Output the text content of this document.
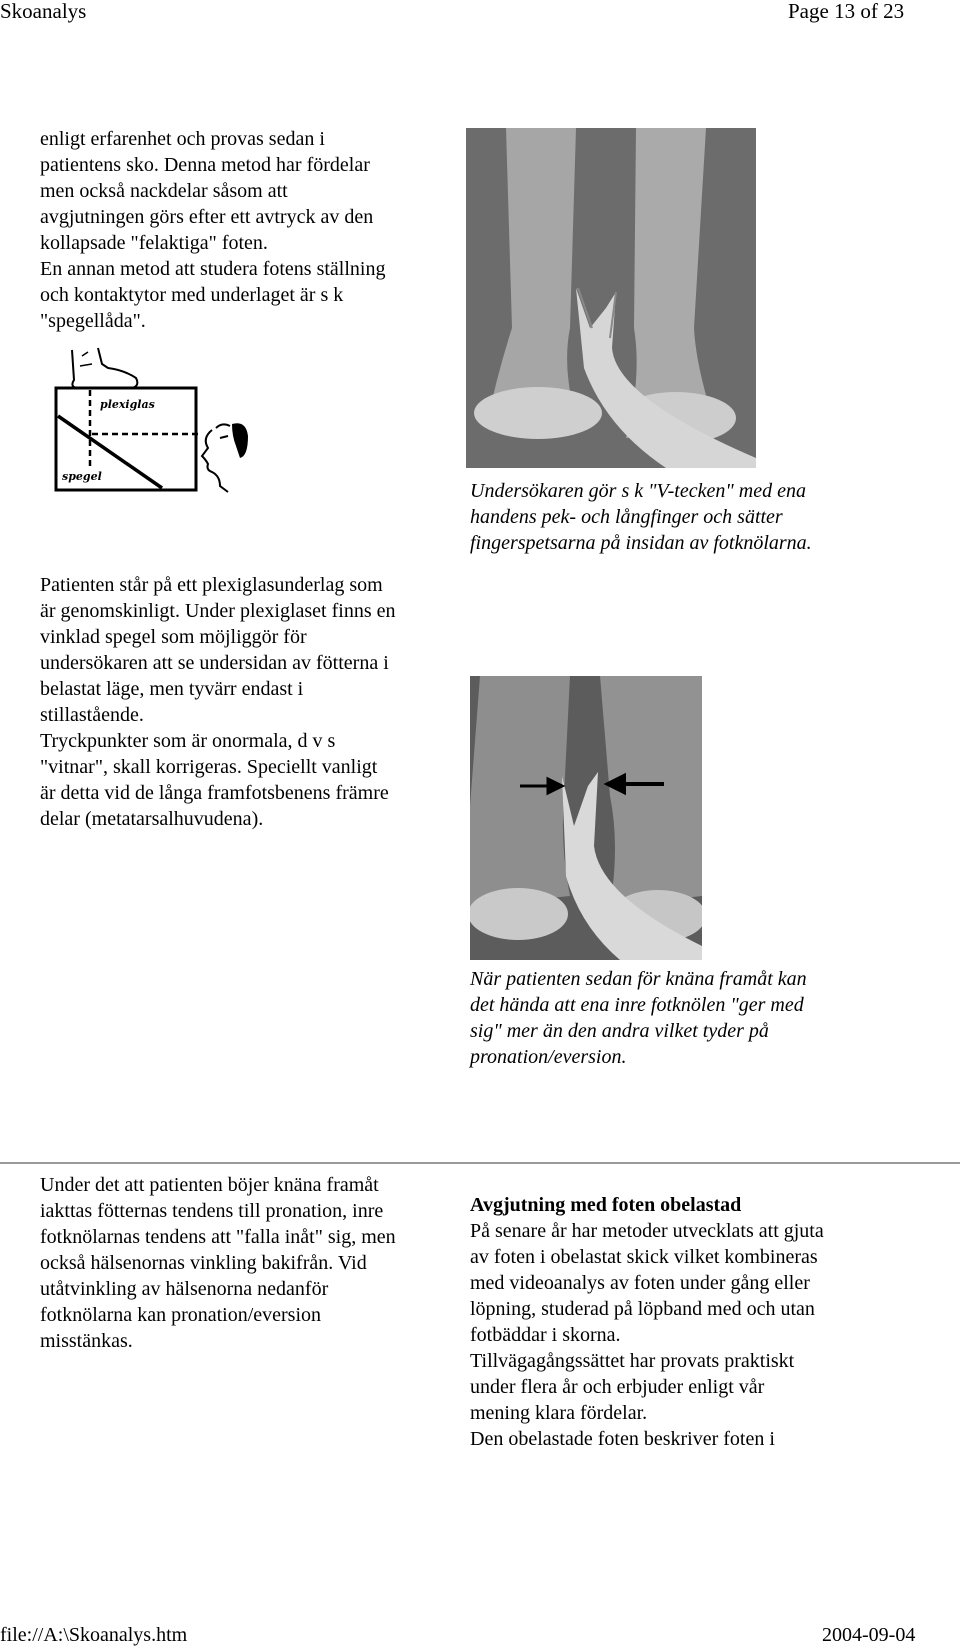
Skoanalys	Page 13 of 23

enligt erfarenhet och provas sedan i
patientens sko. Denna metod har fördelar
men också nackdelar såsom att
avgjutningen görs efter ett avtryck av den
kollapsade "felaktiga" foten.
En annan metod att studera fotens ställning
och kontaktytor med underlaget är s k
"spegellåda".

plexiglas
spegel

Undersökaren gör s k "V-tecken" med ena
handens pek- och långfinger och sätter
fingerspetsarna på insidan av fotknölarna.

Patienten står på ett plexiglasunderlag som
är genomskinligt. Under plexiglaset finns en
vinklad spegel som möjliggör för
undersökaren att se undersidan av fötterna i
belastat läge, men tyvärr endast i
stillastående.
Tryckpunkter som är onormala, d v s
"vitnar", skall korrigeras. Speciellt vanligt
är detta vid de långa framfotsbenens främre
delar (metatarsalhuvudena).

När patienten sedan för knäna framåt kan
det hända att ena inre fotknölen "ger med
sig" mer än den andra vilket tyder på
pronation/eversion.

Under det att patienten böjer knäna framåt
iakttas fötternas tendens till pronation, inre
fotknölarnas tendens att "falla inåt" sig, men
också hälsenornas vinkling bakifrån. Vid
utåtvinkling av hälsenorna nedanför
fotknölarna kan pronation/eversion
misstänkas.

Avgjutning med foten obelastad
På senare år har metoder utvecklats att gjuta
av foten i obelastat skick vilket kombineras
med videoanalys av foten under gång eller
löpning, studerad på löpband med och utan
fotbäddar i skorna.
Tillvägagångssättet har provats praktiskt
under flera år och erbjuder enligt vår
mening klara fördelar.
Den obelastade foten beskriver foten i
file://A:\Skoanalys.htm	2004-09-04
